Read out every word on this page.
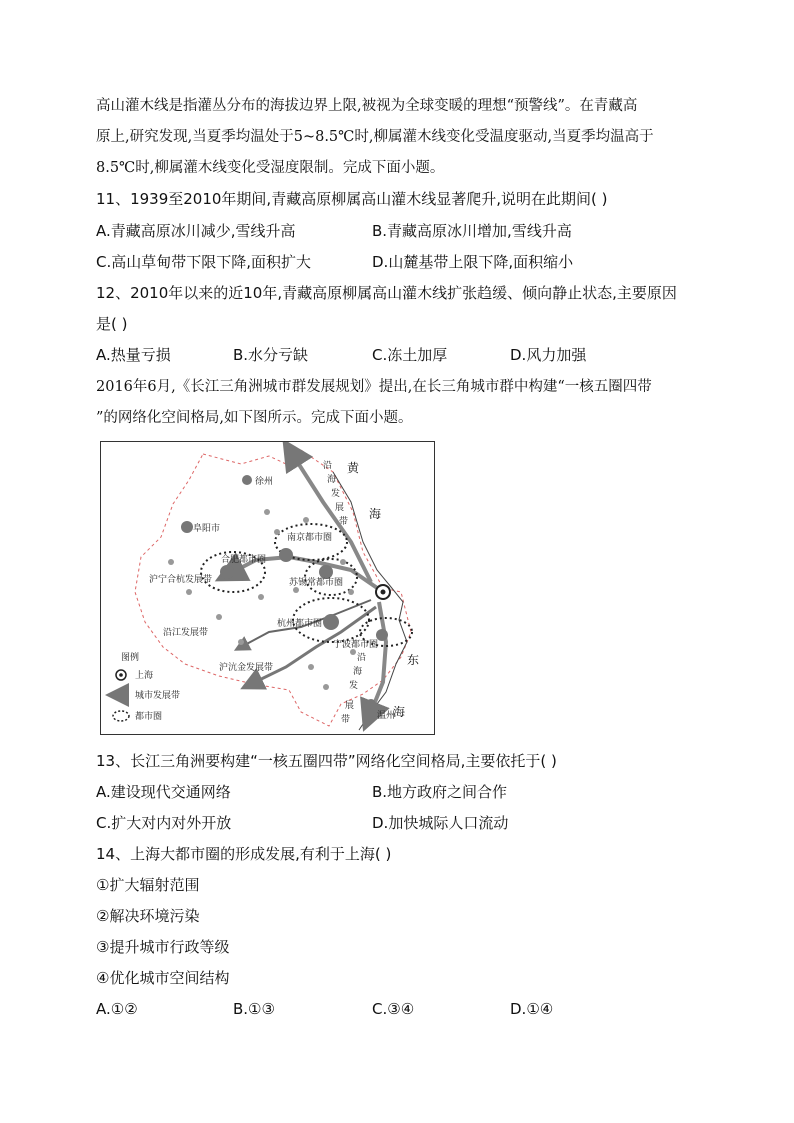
高山灌木线是指灌丛分布的海拔边界上限,被视为全球变暖的理想“预警线”。在青藏高
原上,研究发现,当夏季均温处于5~8.5℃时,柳属灌木线变化受温度驱动,当夏季均温高于
8.5℃时,柳属灌木线变化受湿度限制。完成下面小题。
11、1939至2010年期间,青藏高原柳属高山灌木线显著爬升,说明在此期间( )
A.青藏高原冰川减少,雪线升高	B.青藏高原冰川增加,雪线升高
C.高山草甸带下限下降,面积扩大	D.山麓基带上限下降,面积缩小
12、2010年以来的近10年,青藏高原柳属高山灌木线扩张趋缓、倾向静止状态,主要原因
是( )
A.热量亏损	B.水分亏缺	C.冻土加厚	D.风力加强
2016年6月,《长江三角洲城市群发展规划》提出,在长三角城市群中构建“一核五圈四带
”的网络化空间格局,如下图所示。完成下面小题。
徐州
阜阳市
合肥都市圈
南京都市圈
苏锡常都市圈
杭州都市圈
宁波都市圈
温州
沪宁合杭发展带
沿江发展带
沪沆金发展带
沿
海
发
展
带
沿
海
发
展
带
黄
海
东
海
图例
上海
城市发展带
都市圈
13、长江三角洲要构建“一核五圈四带”网络化空间格局,主要依托于( )
A.建设现代交通网络	B.地方政府之间合作
C.扩大对内对外开放	D.加快城际人口流动
14、上海大都市圈的形成发展,有利于上海( )
①扩大辐射范围
②解决环境污染
③提升城市行政等级
④优化城市空间结构
A.①②	B.①③	C.③④	D.①④
